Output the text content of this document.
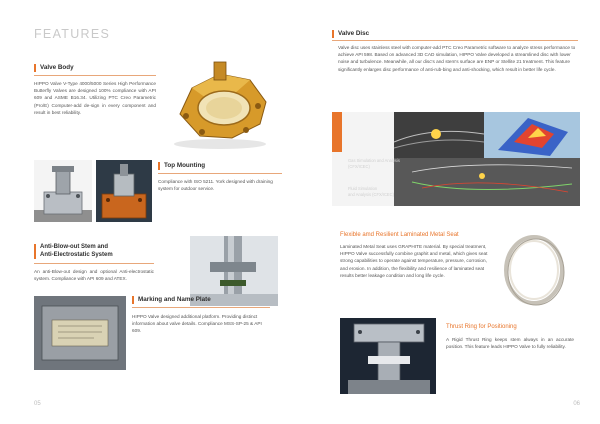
FEATURES
Valve Body
HIPPO Valve V-Type 4000/5000 Series High Performance Butterfly Valves are designed 100% compliance with API 609 and ASME B16.34. Utilizing PTC Creo Parametric (Pro/E) Computer-add de-sign in every component and result in best reliability.
Top Mounting
Compliance with ISO 5211. York designed with draining system for outdoor service.
Anti-Blow-out Stem and
Anti-Electrostatic System
An anti-Blow-out design and optional Anti-electrostatic system. Compliance with API 609 and ATEX.
Marking and Name Plate
HIPPO Valve designed additional platform. Providing distinct information about valve details. Compliance MSS-SP-25 & API 609.
05
Valve Disc
Valve disc uses stainless steel with computer-add PTC Creo Parametric software to analyze stress performance to achieve API 598. Based on advanced 3D CAD simulation, HIPPO Valve developed a streamlined disc with lower noise and turbulence. Meanwhile, all our disc's and stem's surface are ENP or Stellite 21 treatment. This feature significantly enlarges disc performance of anti-rub-bing and anti-shocking, which result in better life cycle.
Gas Simulation and Analysis
(CFX/ICEC)
Fluid Simulation
and Analysis (CFX/ICEC)
Flexible amd Resilient Laminated Metal Seat
Laminated Metal Seat uses GRAPHITE material. By special treatment, HIPPO Valve successfully combine graphit and metal, which gives seat strong capabilities to operate against temperature, pressure, corrosion, and erosion. In addition, the flexibility and resilience of laminated seat results better leakage condition and long life cycle.
Thrust Ring for Positioning
A Rigid Thrust Ring keeps stem always in an accurate position. This feature leads HIPPO Valve to fully reliability.
06
